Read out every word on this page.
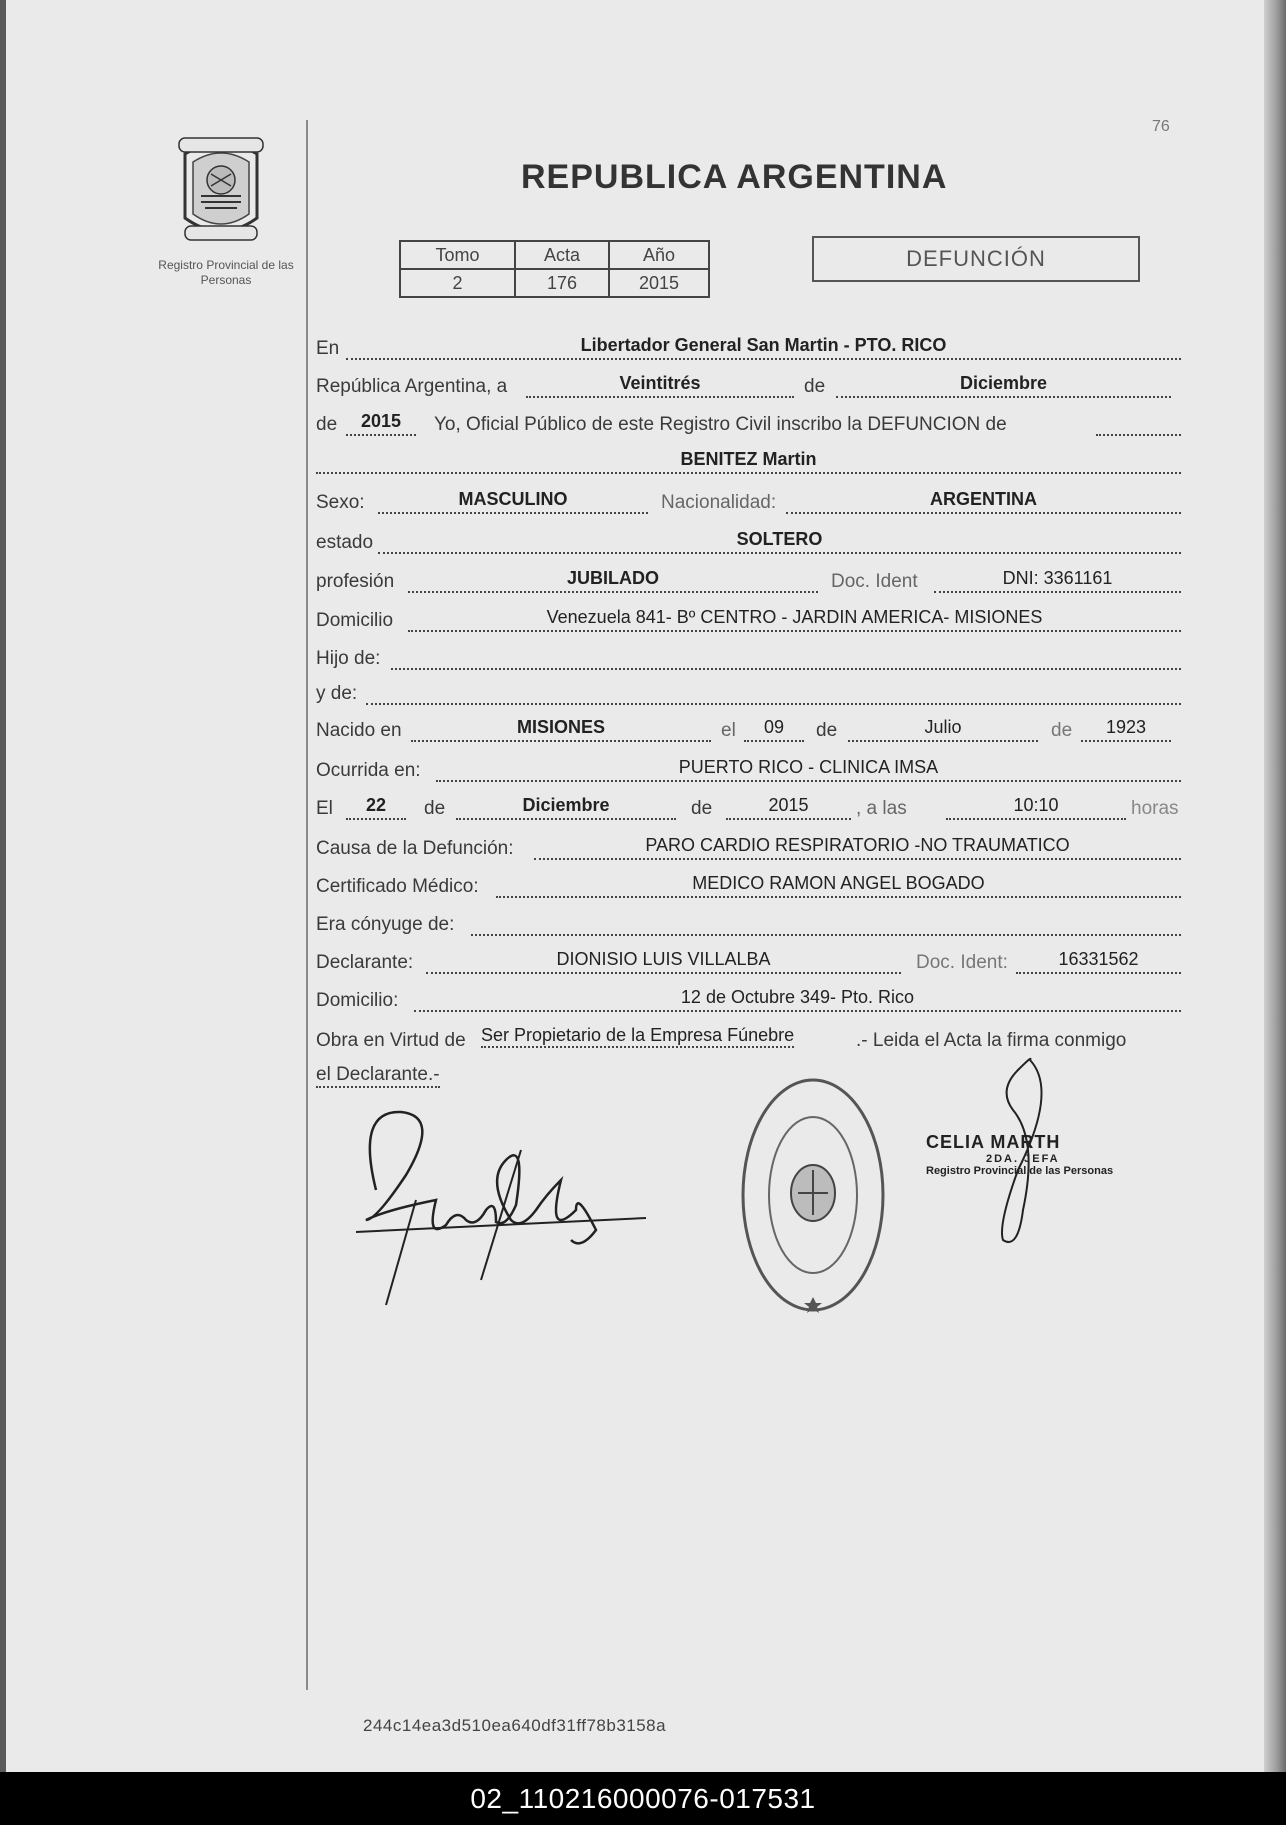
76
Registro Provincial de las Personas
REPUBLICA ARGENTINA
Tomo	Acta	Año
2	176	2015
DEFUNCIÓN
En	Libertador General San Martin - PTO. RICO
República Argentina, a	Veintitrés	de	Diciembre
de	2015	Yo, Oficial Público de este Registro Civil inscribo la DEFUNCION de
BENITEZ Martin
Sexo:	MASCULINO	Nacionalidad:	ARGENTINA
estado	SOLTERO
profesión	JUBILADO	Doc. Ident	DNI: 3361161
Domicilio	Venezuela 841- Bº CENTRO - JARDIN AMERICA- MISIONES
Hijo de:
y de:
Nacido en	MISIONES	el	09	de	Julio	de	1923
Ocurrida en:	PUERTO RICO - CLINICA IMSA
El	22	de	Diciembre	de	2015	, a las	10:10	horas
Causa de la Defunción:	PARO CARDIO RESPIRATORIO -NO TRAUMATICO
Certificado Médico:	MEDICO RAMON ANGEL BOGADO
Era cónyuge de:
Declarante:	DIONISIO LUIS VILLALBA	Doc. Ident:	16331562
Domicilio:	12 de Octubre 349- Pto. Rico
Obra en Virtud de Ser Propietario de la Empresa Fúnebre	.- Leida el Acta la firma conmigo
el Declarante.-
CELIA MARTH
2DA. JEFA
Registro Provincial de las Personas
244c14ea3d510ea640df31ff78b3158a
02_110216000076-017531
